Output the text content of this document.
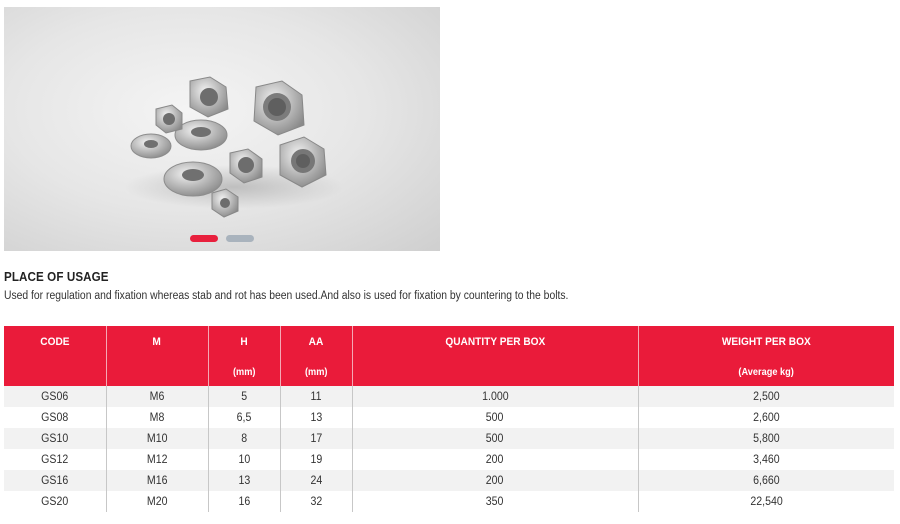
PLACE OF USAGE
Used for regulation and fixation whereas stab and rot has been used.And also is used for fixation by countering to the bolts.
CODE	M	H	AA	QUANTITY PER BOX	WEIGHT PER BOX
		(mm)	(mm)		(Average kg)
GS06	M6	5	11	1.000	2,500
GS08	M8	6,5	13	500	2,600
GS10	M10	8	17	500	5,800
GS12	M12	10	19	200	3,460
GS16	M16	13	24	200	6,660
GS20	M20	16	32	350	22,540
